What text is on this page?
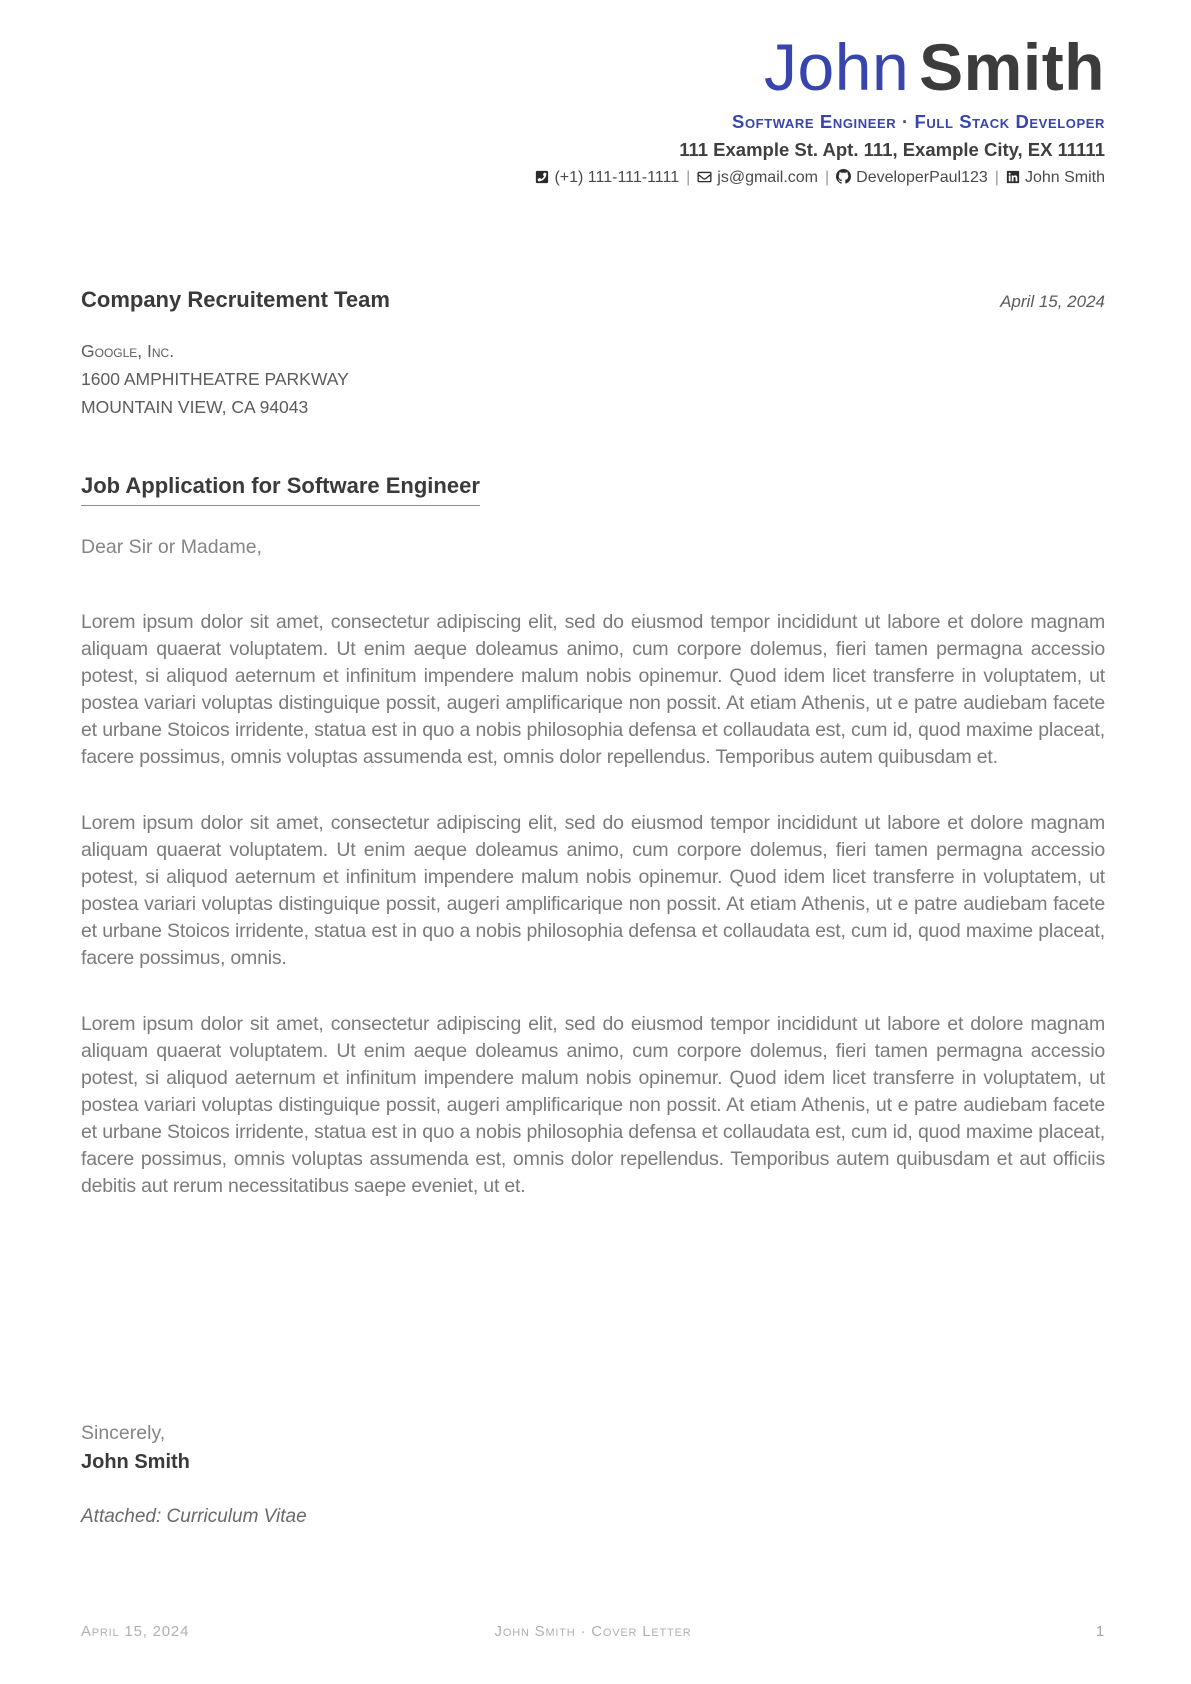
John Smith
Software Engineer · Full Stack Developer
111 Example St. Apt. 111, Example City, EX 11111
(+1) 111-111-1111 | js@gmail.com | DeveloperPaul123 | John Smith
Company Recruitement Team	April 15, 2024
Google, Inc.
1600 AMPHITHEATRE PARKWAY
MOUNTAIN VIEW, CA 94043
Job Application for Software Engineer

Dear Sir or Madame,

Lorem ipsum dolor sit amet, consectetur adipiscing elit, sed do eiusmod tempor incididunt ut labore et dolore magnam aliquam quaerat voluptatem. Ut enim aeque doleamus animo, cum corpore dolemus, fieri tamen permagna accessio potest, si aliquod aeternum et infinitum impendere malum nobis opinemur. Quod idem licet transferre in voluptatem, ut postea variari voluptas distinguique possit, augeri amplificarique non possit. At etiam Athenis, ut e patre audiebam facete et urbane Stoicos irridente, statua est in quo a nobis philosophia defensa et collaudata est, cum id, quod maxime placeat, facere possimus, omnis voluptas assumenda est, omnis dolor repellendus. Temporibus autem quibusdam et.

Lorem ipsum dolor sit amet, consectetur adipiscing elit, sed do eiusmod tempor incididunt ut labore et dolore magnam aliquam quaerat voluptatem. Ut enim aeque doleamus animo, cum corpore dolemus, fieri tamen permagna accessio potest, si aliquod aeternum et infinitum impendere malum nobis opinemur. Quod idem licet transferre in voluptatem, ut postea variari voluptas distinguique possit, augeri amplificarique non possit. At etiam Athenis, ut e patre audiebam facete et urbane Stoicos irridente, statua est in quo a nobis philosophia defensa et collaudata est, cum id, quod maxime placeat, facere possimus, omnis.

Lorem ipsum dolor sit amet, consectetur adipiscing elit, sed do eiusmod tempor incididunt ut labore et dolore magnam aliquam quaerat voluptatem. Ut enim aeque doleamus animo, cum corpore dolemus, fieri tamen permagna accessio potest, si aliquod aeternum et infinitum impendere malum nobis opinemur. Quod idem licet transferre in voluptatem, ut postea variari voluptas distinguique possit, augeri amplificarique non possit. At etiam Athenis, ut e patre audiebam facete et urbane Stoicos irridente, statua est in quo a nobis philosophia defensa et collaudata est, cum id, quod maxime placeat, facere possimus, omnis voluptas assumenda est, omnis dolor repellendus. Temporibus autem quibusdam et aut officiis debitis aut rerum necessitatibus saepe eveniet, ut et.

Sincerely,
John Smith
Attached: Curriculum Vitae
April 15, 2024	John Smith · Cover Letter	1
